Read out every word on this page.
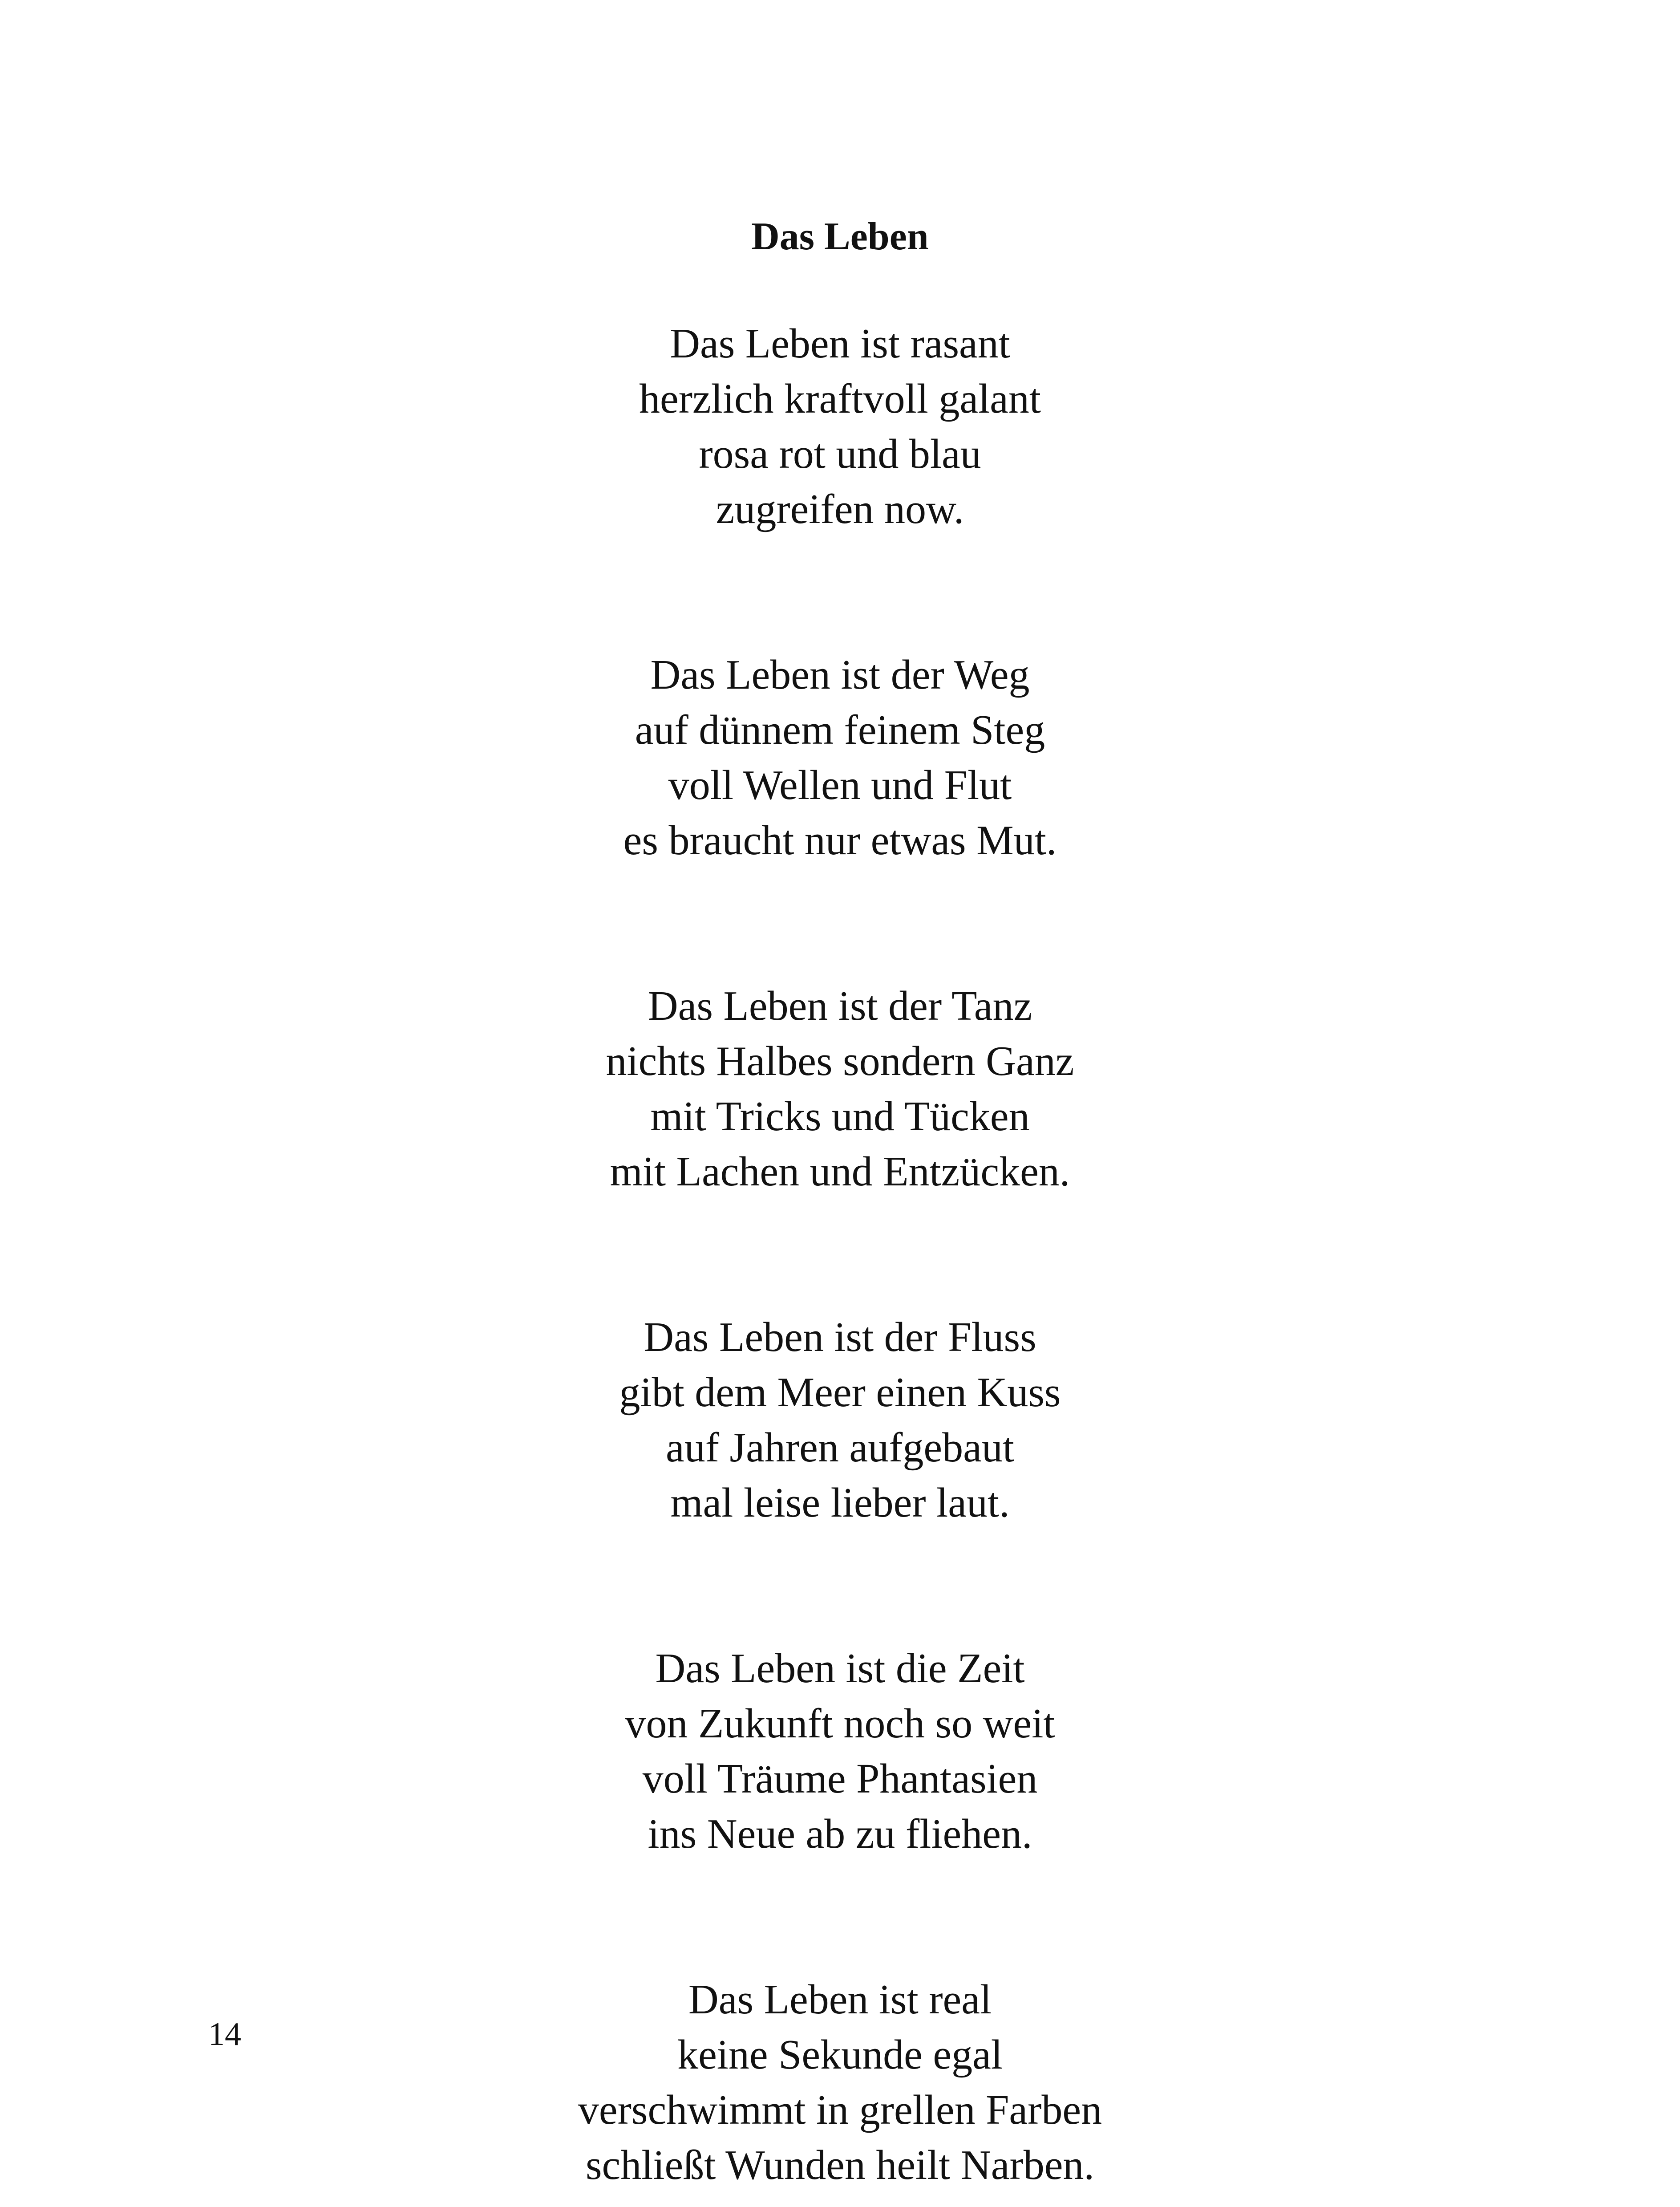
Das Leben
Das Leben ist rasant
herzlich kraftvoll galant
rosa rot und blau
zugreifen now.
Das Leben ist der Weg
auf dünnem feinem Steg
voll Wellen und Flut
es braucht nur etwas Mut.
Das Leben ist der Tanz
nichts Halbes sondern Ganz
mit Tricks und Tücken
mit Lachen und Entzücken.
Das Leben ist der Fluss
gibt dem Meer einen Kuss
auf Jahren aufgebaut
mal leise lieber laut.
Das Leben ist die Zeit
von Zukunft noch so weit
voll Träume Phantasien
ins Neue ab zu fliehen.
Das Leben ist real
keine Sekunde egal
verschwimmt in grellen Farben
schließt Wunden heilt Narben.
14
